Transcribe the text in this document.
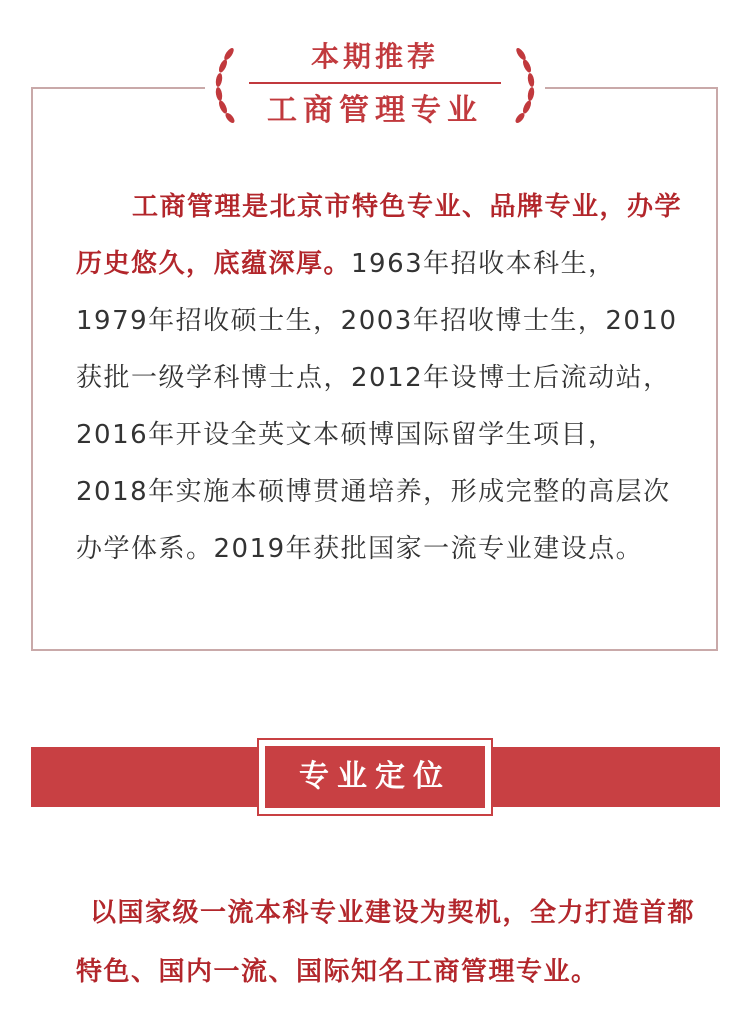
工商管理是北京市特色专业、品牌专业，办学历史悠久，底蕴深厚。1963年招收本科生，1979年招收硕士生，2003年招收博士生，2010获批一级学科博士点，2012年设博士后流动站，2016年开设全英文本硕博国际留学生项目，2018年实施本硕博贯通培养，形成完整的高层次办学体系。2019年获批国家一流专业建设点。

本期推荐
工商管理专业
专业定位

以国家级一流本科专业建设为契机，全力打造首都特色、国内一流、国际知名工商管理专业。
